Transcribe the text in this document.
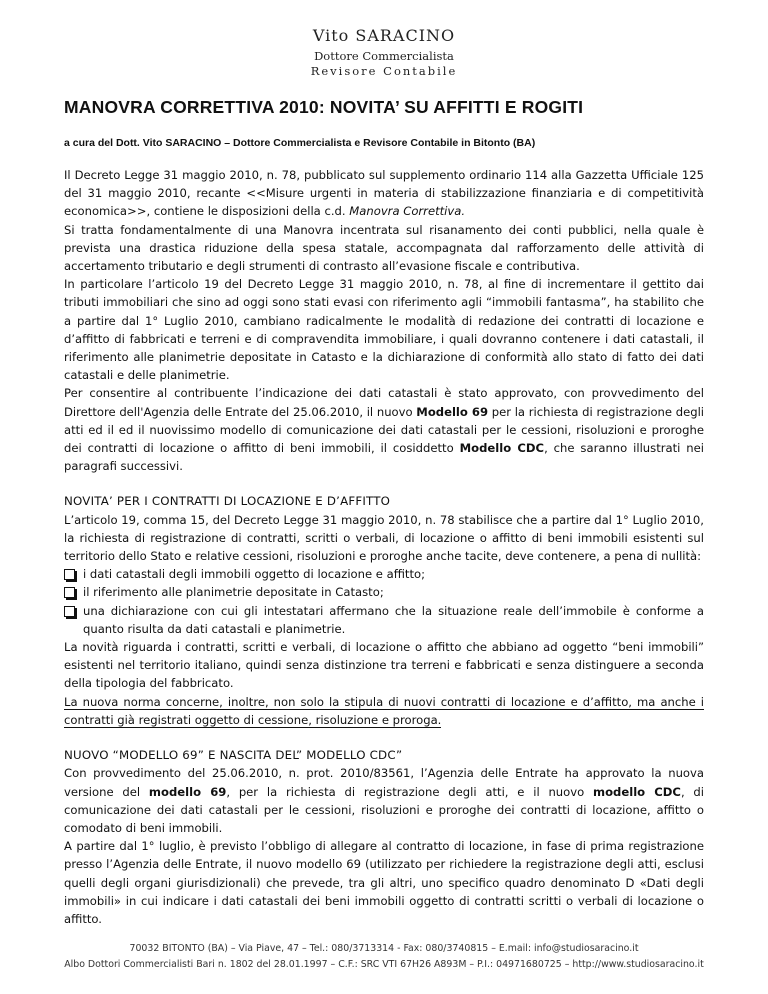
Vito SARACINO
Dottore Commercialista
Revisore Contabile
MANOVRA CORRETTIVA 2010: NOVITA’ SU AFFITTI E ROGITI
a cura del Dott. Vito SARACINO – Dottore Commercialista e Revisore Contabile in Bitonto (BA)

Il Decreto Legge 31 maggio 2010, n. 78, pubblicato sul supplemento ordinario 114 alla Gazzetta Ufficiale 125 del 31 maggio 2010, recante <<Misure urgenti in materia di stabilizzazione finanziaria e di competitività economica>>, contiene le disposizioni della c.d. Manovra Correttiva.

Si tratta fondamentalmente di una Manovra incentrata sul risanamento dei conti pubblici, nella quale è prevista una drastica riduzione della spesa statale, accompagnata dal rafforzamento delle attività di accertamento tributario e degli strumenti di contrasto all’evasione fiscale e contributiva.

In particolare l’articolo 19 del Decreto Legge 31 maggio 2010, n. 78, al fine di incrementare il gettito dai tributi immobiliari che sino ad oggi sono stati evasi con riferimento agli “immobili fantasma”, ha stabilito che a partire dal 1° Luglio 2010, cambiano radicalmente le modalità di redazione dei contratti di locazione e d’affitto di fabbricati e terreni e di compravendita immobiliare, i quali dovranno contenere i dati catastali, il riferimento alle planimetrie depositate in Catasto e la dichiarazione di conformità allo stato di fatto dei dati catastali e delle planimetrie.

Per consentire al contribuente l’indicazione dei dati catastali è stato approvato, con provvedimento del Direttore dell'Agenzia delle Entrate del 25.06.2010, il nuovo Modello 69 per la richiesta di registrazione degli atti ed il ed il nuovissimo modello di comunicazione dei dati catastali per le cessioni, risoluzioni e proroghe dei contratti di locazione o affitto di beni immobili, il cosiddetto Modello CDC, che saranno illustrati nei paragrafi successivi.

NOVITA’ PER I CONTRATTI DI LOCAZIONE E D’AFFITTO

L’articolo 19, comma 15, del Decreto Legge 31 maggio 2010, n. 78 stabilisce che a partire dal 1° Luglio 2010, la richiesta di registrazione di contratti, scritti o verbali, di locazione o affitto di beni immobili esistenti sul territorio dello Stato e relative cessioni, risoluzioni e proroghe anche tacite, deve contenere, a pena di nullità:

i dati catastali degli immobili oggetto di locazione e affitto;
il riferimento alle planimetrie depositate in Catasto;
una dichiarazione con cui gli intestatari affermano che la situazione reale dell’immobile è conforme a quanto risulta da dati catastali e planimetrie.

La novità riguarda i contratti, scritti e verbali, di locazione o affitto che abbiano ad oggetto “beni immobili” esistenti nel territorio italiano, quindi senza distinzione tra terreni e fabbricati e senza distinguere a seconda della tipologia del fabbricato.

La nuova norma concerne, inoltre, non solo la stipula di nuovi contratti di locazione e d’affitto, ma anche i contratti già registrati oggetto di cessione, risoluzione e proroga.

NUOVO “MODELLO 69” E NASCITA DEL” MODELLO CDC”

Con provvedimento del 25.06.2010, n. prot. 2010/83561, l’Agenzia delle Entrate ha approvato la nuova versione del modello 69, per la richiesta di registrazione degli atti, e il nuovo modello CDC, di comunicazione dei dati catastali per le cessioni, risoluzioni e proroghe dei contratti di locazione, affitto o comodato di beni immobili.

A partire dal 1° luglio, è previsto l’obbligo di allegare al contratto di locazione, in fase di prima registrazione presso l’Agenzia delle Entrate, il nuovo modello 69 (utilizzato per richiedere la registrazione degli atti, esclusi quelli degli organi giurisdizionali) che prevede, tra gli altri, uno specifico quadro denominato D «Dati degli immobili» in cui indicare i dati catastali dei beni immobili oggetto di contratti scritti o verbali di locazione o affitto.

70032 BITONTO (BA) – Via Piave, 47 – Tel.: 080/3713314 - Fax: 080/3740815 – E.mail: info@studiosaracino.it
Albo Dottori Commercialisti Bari n. 1802 del 28.01.1997 – C.F.: SRC VTI 67H26 A893M – P.I.: 04971680725 – http://www.studiosaracino.it
